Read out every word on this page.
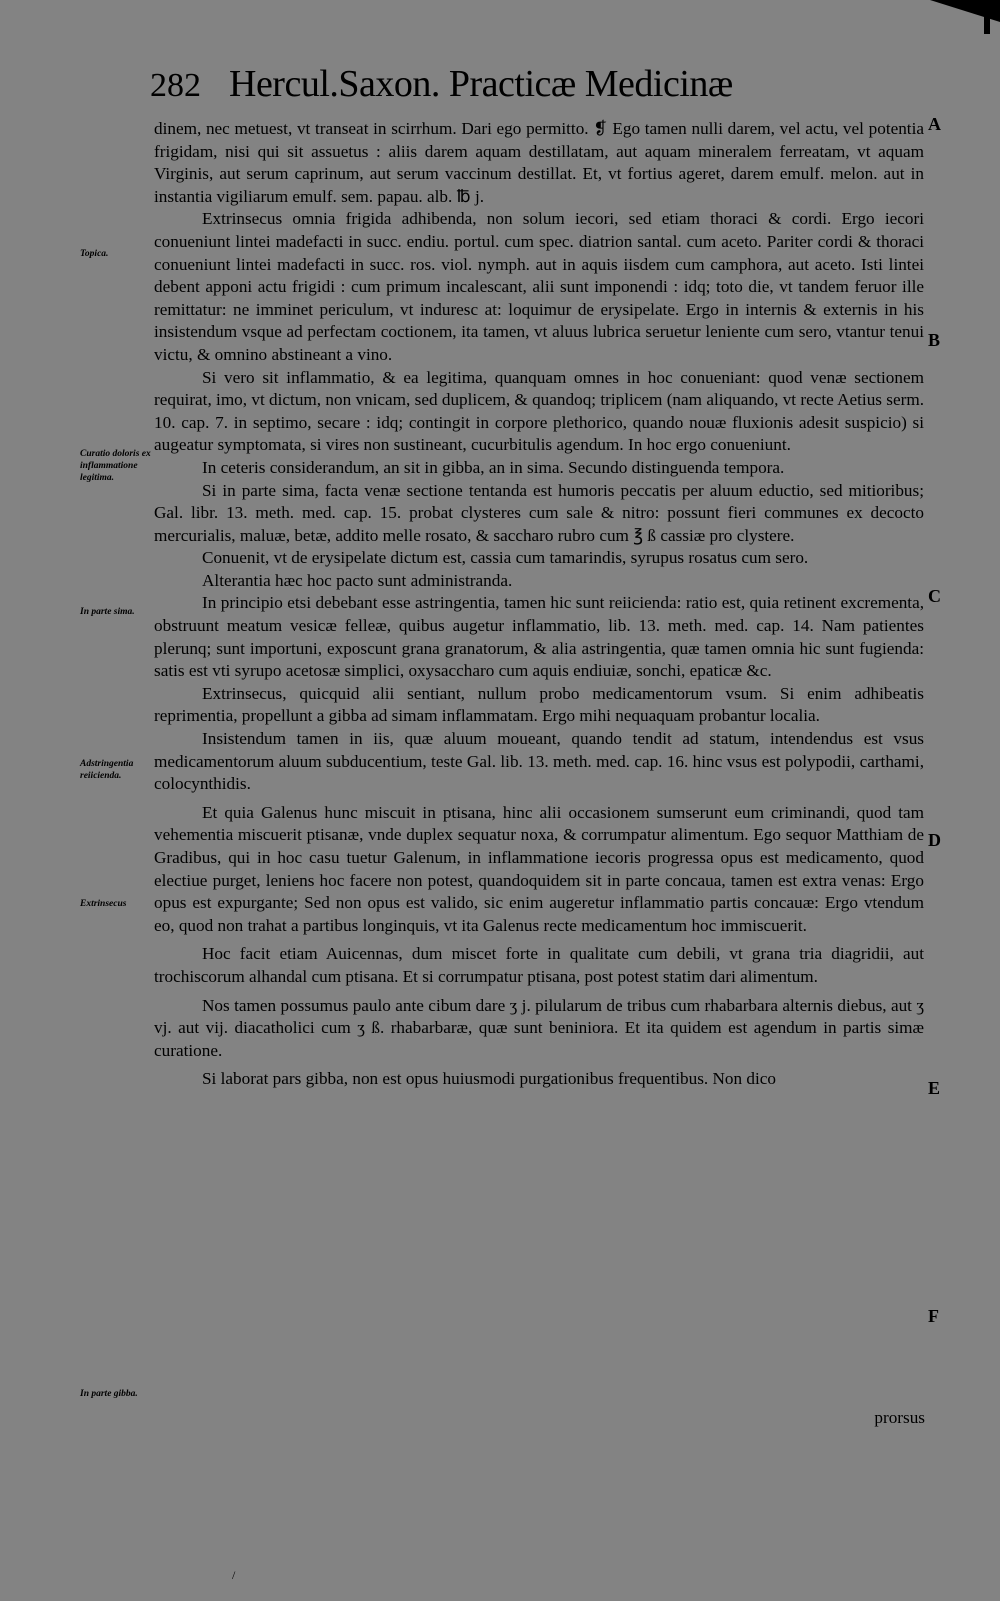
282 Hercul.Saxon. Practicæ Medicinæ

dinem, nec metuest, vt transeat in scirrhum. Dari ego permitto. ❡ Ego tamen nulli darem, vel actu, vel potentia frigidam, nisi qui sit assuetus : aliis darem aquam destillatam, aut aquam mineralem ferreatam, vt aquam Virginis, aut serum caprinum, aut serum vaccinum destillat. Et, vt fortius ageret, darem emulf. melon. aut in instantia vigiliarum emulf. sem. papau. alb. ℔ j.

Extrinsecus omnia frigida adhibenda, non solum iecori, sed etiam thoraci & cordi. Ergo iecori conueniunt lintei madefacti in succ. endiu. portul. cum spec. diatrion santal. cum aceto. Pariter cordi & thoraci conueniunt lintei madefacti in succ. ros. viol. nymph. aut in aquis iisdem cum camphora, aut aceto. Isti lintei debent apponi actu frigidi : cum primum incalescant, alii sunt imponendi : idq; toto die, vt tandem feruor ille remittatur: ne imminet periculum, vt induresc at: loquimur de erysipelate. Ergo in internis & externis in his insistendum vsque ad perfectam coctionem, ita tamen, vt aluus lubrica seruetur leniente cum sero, vtantur tenui victu, & omnino abstineant a vino.

Si vero sit inflammatio, & ea legitima, quanquam omnes in hoc conueniant: quod venæ sectionem requirat, imo, vt dictum, non vnicam, sed duplicem, & quandoq; triplicem (nam aliquando, vt recte Aetius serm. 10. cap. 7. in septimo, secare : idq; contingit in corpore plethorico, quando nouæ fluxionis adesit suspicio) si augeatur symptomata, si vires non sustineant, cucurbitulis agendum. In hoc ergo conueniunt.

In ceteris considerandum, an sit in gibba, an in sima. Secundo distinguenda tempora.

Si in parte sima, facta venæ sectione tentanda est humoris peccatis per aluum eductio, sed mitioribus; Gal. libr. 13. meth. med. cap. 15. probat clysteres cum sale & nitro: possunt fieri communes ex decocto mercurialis, maluæ, betæ, addito melle rosato, & saccharo rubro cum ℥ ß cassiæ pro clystere.

Conuenit, vt de erysipelate dictum est, cassia cum tamarindis, syrupus rosatus cum sero.

Alterantia hæc hoc pacto sunt administranda.

In principio etsi debebant esse astringentia, tamen hic sunt reiicienda: ratio est, quia retinent excrementa, obstruunt meatum vesicæ felleæ, quibus augetur inflammatio, lib. 13. meth. med. cap. 14. Nam patientes plerunq; sunt importuni, exposcunt grana granatorum, & alia astringentia, quæ tamen omnia hic sunt fugienda: satis est vti syrupo acetosæ simplici, oxysaccharo cum aquis endiuiæ, sonchi, epaticæ &c.

Extrinsecus, quicquid alii sentiant, nullum probo medicamentorum vsum. Si enim adhibeatis reprimentia, propellunt a gibba ad simam inflammatam. Ergo mihi nequaquam probantur localia.

Insistendum tamen in iis, quæ aluum moueant, quando tendit ad statum, intendendus est vsus medicamentorum aluum subducentium, teste Gal. lib. 13. meth. med. cap. 16. hinc vsus est polypodii, carthami, colocynthidis.

Et quia Galenus hunc miscuit in ptisana, hinc alii occasionem sumserunt eum criminandi, quod tam vehementia miscuerit ptisanæ, vnde duplex sequatur noxa, & corrumpatur alimentum. Ego sequor Matthiam de Gradibus, qui in hoc casu tuetur Galenum, in inflammatione iecoris progressa opus est medicamento, quod electiue purget, leniens hoc facere non potest, quandoquidem sit in parte concaua, tamen est extra venas: Ergo opus est expurgante; Sed non opus est valido, sic enim augeretur inflammatio partis concauæ: Ergo vtendum eo, quod non trahat a partibus longinquis, vt ita Galenus recte medicamentum hoc immiscuerit.

Hoc facit etiam Auicennas, dum miscet forte in qualitate cum debili, vt grana tria diagridii, aut trochiscorum alhandal cum ptisana. Et si corrumpatur ptisana, post potest statim dari alimentum.

Nos tamen possumus paulo ante cibum dare ʒ j. pilularum de tribus cum rhabarbara alternis diebus, aut ʒ vj. aut vij. diacatholici cum ʒ ß. rhabarbaræ, quæ sunt beniniora. Et ita quidem est agendum in partis simæ curatione.

Si laborat pars gibba, non est opus huiusmodi purgationibus frequentibus. Non dico

prorsus
Topica.
Curatio doloris ex inflammatione legitima.
In parte sima.
Adstringentia reiicienda.
Extrinsecus
In parte gibba.
A
B
C
D
E
F
/
